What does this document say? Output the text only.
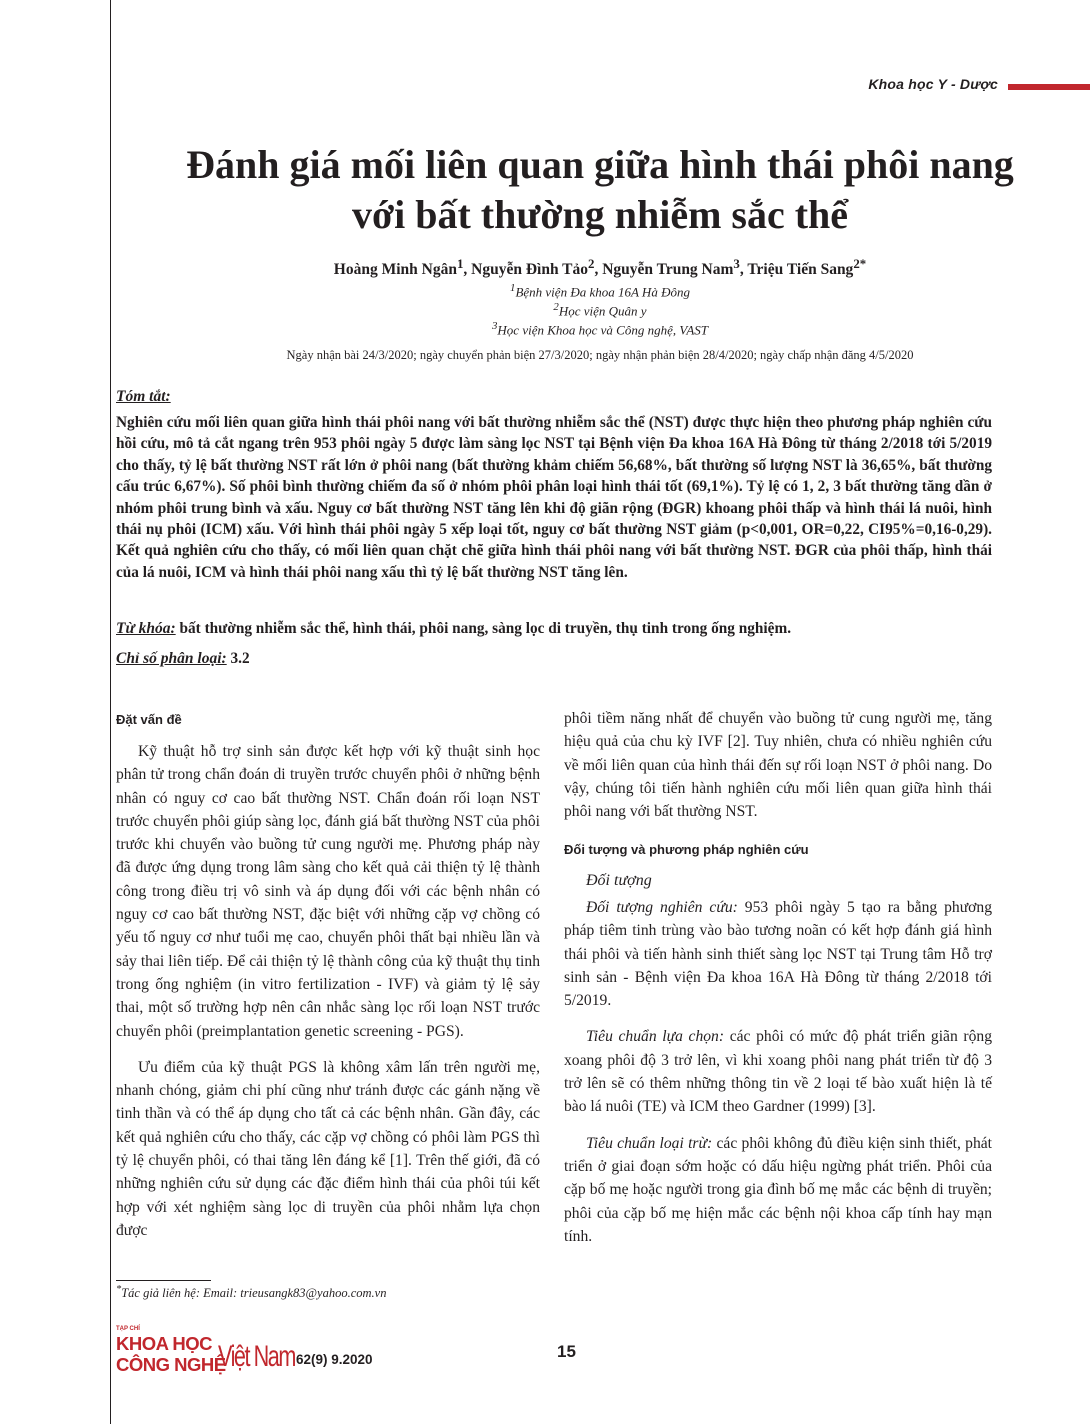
Khoa học Y - Dược
Đánh giá mối liên quan giữa hình thái phôi nang
với bất thường nhiễm sắc thể
Hoàng Minh Ngân$^1$, Nguyễn Đình Tảo$^2$, Nguyễn Trung Nam$^3$, Triệu Tiến Sang$^{2*}$
$^1$Bệnh viện Đa khoa 16A Hà Đông
$^2$Học viện Quân y
$^3$Học viện Khoa học và Công nghệ, VAST
Ngày nhận bài 24/3/2020; ngày chuyển phản biện 27/3/2020; ngày nhận phản biện 28/4/2020; ngày chấp nhận đăng 4/5/2020
Tóm tắt:
Nghiên cứu mối liên quan giữa hình thái phôi nang với bất thường nhiễm sắc thể (NST) được thực hiện theo phương pháp nghiên cứu hồi cứu, mô tả cắt ngang trên 953 phôi ngày 5 được làm sàng lọc NST tại Bệnh viện Đa khoa 16A Hà Đông từ tháng 2/2018 tới 5/2019 cho thấy, tỷ lệ bất thường NST rất lớn ở phôi nang (bất thường khảm chiếm 56,68%, bất thường số lượng NST là 36,65%, bất thường cấu trúc 6,67%). Số phôi bình thường chiếm đa số ở nhóm phôi phân loại hình thái tốt (69,1%). Tỷ lệ có 1, 2, 3 bất thường tăng dần ở nhóm phôi trung bình và xấu. Nguy cơ bất thường NST tăng lên khi độ giãn rộng (ĐGR) khoang phôi thấp và hình thái lá nuôi, hình thái nụ phôi (ICM) xấu. Với hình thái phôi ngày 5 xếp loại tốt, nguy cơ bất thường NST giảm (p<0,001, OR=0,22, CI95%=0,16-0,29). Kết quả nghiên cứu cho thấy, có mối liên quan chặt chẽ giữa hình thái phôi nang với bất thường NST. ĐGR của phôi thấp, hình thái của lá nuôi, ICM và hình thái phôi nang xấu thì tỷ lệ bất thường NST tăng lên.
Từ khóa: bất thường nhiễm sắc thể, hình thái, phôi nang, sàng lọc di truyền, thụ tinh trong ống nghiệm.
Chỉ số phân loại: 3.2
Đặt vấn đề

Kỹ thuật hỗ trợ sinh sản được kết hợp với kỹ thuật sinh học phân tử trong chẩn đoán di truyền trước chuyển phôi ở những bệnh nhân có nguy cơ cao bất thường NST. Chẩn đoán rối loạn NST trước chuyển phôi giúp sàng lọc, đánh giá bất thường NST của phôi trước khi chuyển vào buồng tử cung người mẹ. Phương pháp này đã được ứng dụng trong lâm sàng cho kết quả cải thiện tỷ lệ thành công trong điều trị vô sinh và áp dụng đối với các bệnh nhân có nguy cơ cao bất thường NST, đặc biệt với những cặp vợ chồng có yếu tố nguy cơ như tuổi mẹ cao, chuyển phôi thất bại nhiều lần và sảy thai liên tiếp. Để cải thiện tỷ lệ thành công của kỹ thuật thụ tinh trong ống nghiệm (in vitro fertilization - IVF) và giảm tỷ lệ sảy thai, một số trường hợp nên cân nhắc sàng lọc rối loạn NST trước chuyển phôi (preimplantation genetic screening - PGS).

Ưu điểm của kỹ thuật PGS là không xâm lấn trên người mẹ, nhanh chóng, giảm chi phí cũng như tránh được các gánh nặng về tinh thần và có thể áp dụng cho tất cả các bệnh nhân. Gần đây, các kết quả nghiên cứu cho thấy, các cặp vợ chồng có phôi làm PGS thì tỷ lệ chuyển phôi, có thai tăng lên đáng kể [1]. Trên thế giới, đã có những nghiên cứu sử dụng các đặc điểm hình thái của phôi túi kết hợp với xét nghiệm sàng lọc di truyền của phôi nhằm lựa chọn được

phôi tiềm năng nhất để chuyển vào buồng tử cung người mẹ, tăng hiệu quả của chu kỳ IVF [2]. Tuy nhiên, chưa có nhiều nghiên cứu về mối liên quan của hình thái đến sự rối loạn NST ở phôi nang. Do vậy, chúng tôi tiến hành nghiên cứu mối liên quan giữa hình thái phôi nang với bất thường NST.

Đối tượng và phương pháp nghiên cứu
Đối tượng

Đối tượng nghiên cứu: 953 phôi ngày 5 tạo ra bằng phương pháp tiêm tinh trùng vào bào tương noãn có kết hợp đánh giá hình thái phôi và tiến hành sinh thiết sàng lọc NST tại Trung tâm Hỗ trợ sinh sản - Bệnh viện Đa khoa 16A Hà Đông từ tháng 2/2018 tới 5/2019.

Tiêu chuẩn lựa chọn: các phôi có mức độ phát triển giãn rộng xoang phôi độ 3 trở lên, vì khi xoang phôi nang phát triển từ độ 3 trở lên sẽ có thêm những thông tin về 2 loại tế bào xuất hiện là tế bào lá nuôi (TE) và ICM theo Gardner (1999) [3].

Tiêu chuẩn loại trừ: các phôi không đủ điều kiện sinh thiết, phát triển ở giai đoạn sớm hoặc có dấu hiệu ngừng phát triển. Phôi của cặp bố mẹ hoặc người trong gia đình bố mẹ mắc các bệnh di truyền; phôi của cặp bố mẹ hiện mắc các bệnh nội khoa cấp tính hay mạn tính.

*Tác giả liên hệ: Email: trieusangk83@yahoo.com.vn
TẠP CHÍ
KHOA HỌC
CÔNG NGHỆ
Việt Nam 62(9) 9.2020	15
